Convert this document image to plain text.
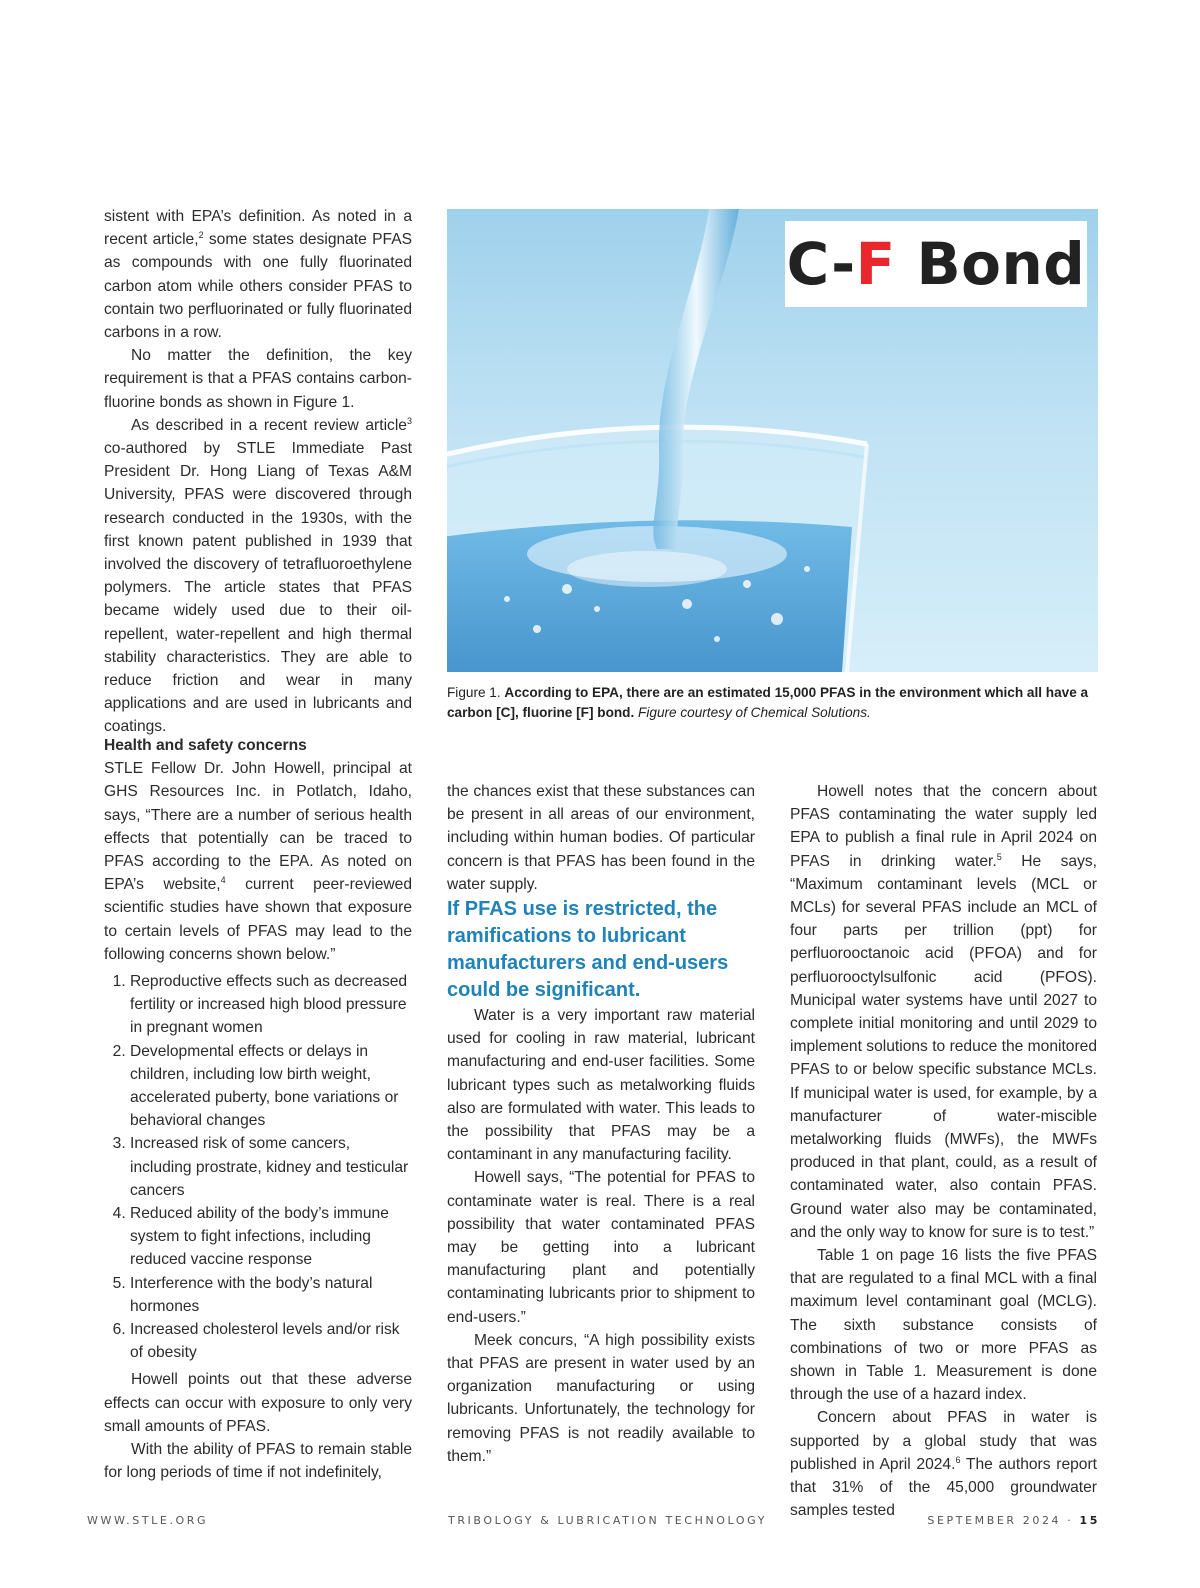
sistent with EPA’s definition. As noted in a recent article,$^2$ some states designate PFAS as compounds with one fully fluorinated carbon atom while others consider PFAS to contain two perfluorinated or fully fluorinated carbons in a row.

No matter the definition, the key requirement is that a PFAS contains carbon-fluorine bonds as shown in Figure 1.

As described in a recent review article$^3$ co-authored by STLE Immediate Past President Dr. Hong Liang of Texas A&M University, PFAS were discovered through research conducted in the 1930s, with the first known patent published in 1939 that involved the discovery of tetrafluoroethylene polymers. The article states that PFAS became widely used due to their oil-repellent, water-repellent and high thermal stability characteristics. They are able to reduce friction and wear in many applications and are used in lubricants and coatings.

Health and safety concerns

STLE Fellow Dr. John Howell, principal at GHS Resources Inc. in Potlatch, Idaho, says, “There are a number of serious health effects that potentially can be traced to PFAS according to the EPA. As noted on EPA’s website,$^4$ current peer-reviewed scientific studies have shown that exposure to certain levels of PFAS may lead to the following concerns shown below.”

1. Reproductive effects such as decreased fertility or increased high blood pressure in pregnant women
2. Developmental effects or delays in children, including low birth weight, accelerated puberty, bone variations or behavioral changes
3. Increased risk of some cancers, including prostrate, kidney and testicular cancers
4. Reduced ability of the body’s immune system to fight infections, including reduced vaccine response
5. Interference with the body’s natural hormones
6. Increased cholesterol levels and/or risk of obesity

Howell points out that these adverse effects can occur with exposure to only very small amounts of PFAS.

With the ability of PFAS to remain stable for long periods of time if not indefinitely,

C-F Bond
Figure 1. According to EPA, there are an estimated 15,000 PFAS in the environment which all have a carbon [C], fluorine [F] bond. Figure courtesy of Chemical Solutions.

the chances exist that these substances can be present in all areas of our environment, including within human bodies. Of particular concern is that PFAS has been found in the water supply.

If PFAS use is restricted, the ramifications to lubricant manufacturers and end-users could be significant.

Water is a very important raw material used for cooling in raw material, lubricant manufacturing and end-user facilities. Some lubricant types such as metalworking fluids also are formulated with water. This leads to the possibility that PFAS may be a contaminant in any manufacturing facility.

Howell says, “The potential for PFAS to contaminate water is real. There is a real possibility that water contaminated PFAS may be getting into a lubricant manufacturing plant and potentially contaminating lubricants prior to shipment to end-users.”

Meek concurs, “A high possibility exists that PFAS are present in water used by an organization manufacturing or using lubricants. Unfortunately, the technology for removing PFAS is not readily available to them.”

Howell notes that the concern about PFAS contaminating the water supply led EPA to publish a final rule in April 2024 on PFAS in drinking water.$^5$ He says, “Maximum contaminant levels (MCL or MCLs) for several PFAS include an MCL of four parts per trillion (ppt) for perfluorooctanoic acid (PFOA) and for perfluorooctylsulfonic acid (PFOS). Municipal water systems have until 2027 to complete initial monitoring and until 2029 to implement solutions to reduce the monitored PFAS to or below specific substance MCLs. If municipal water is used, for example, by a manufacturer of water-miscible metalworking fluids (MWFs), the MWFs produced in that plant, could, as a result of contaminated water, also contain PFAS. Ground water also may be contaminated, and the only way to know for sure is to test.”

Table 1 on page 16 lists the five PFAS that are regulated to a final MCL with a final maximum level contaminant goal (MCLG). The sixth substance consists of combinations of two or more PFAS as shown in Table 1. Measurement is done through the use of a hazard index.

Concern about PFAS in water is supported by a global study that was published in April 2024.$^6$ The authors report that 31% of the 45,000 groundwater samples tested

WWW.STLE.ORG	TRIBOLOGY & LUBRICATION TECHNOLOGY	SEPTEMBER 2024 · 15
